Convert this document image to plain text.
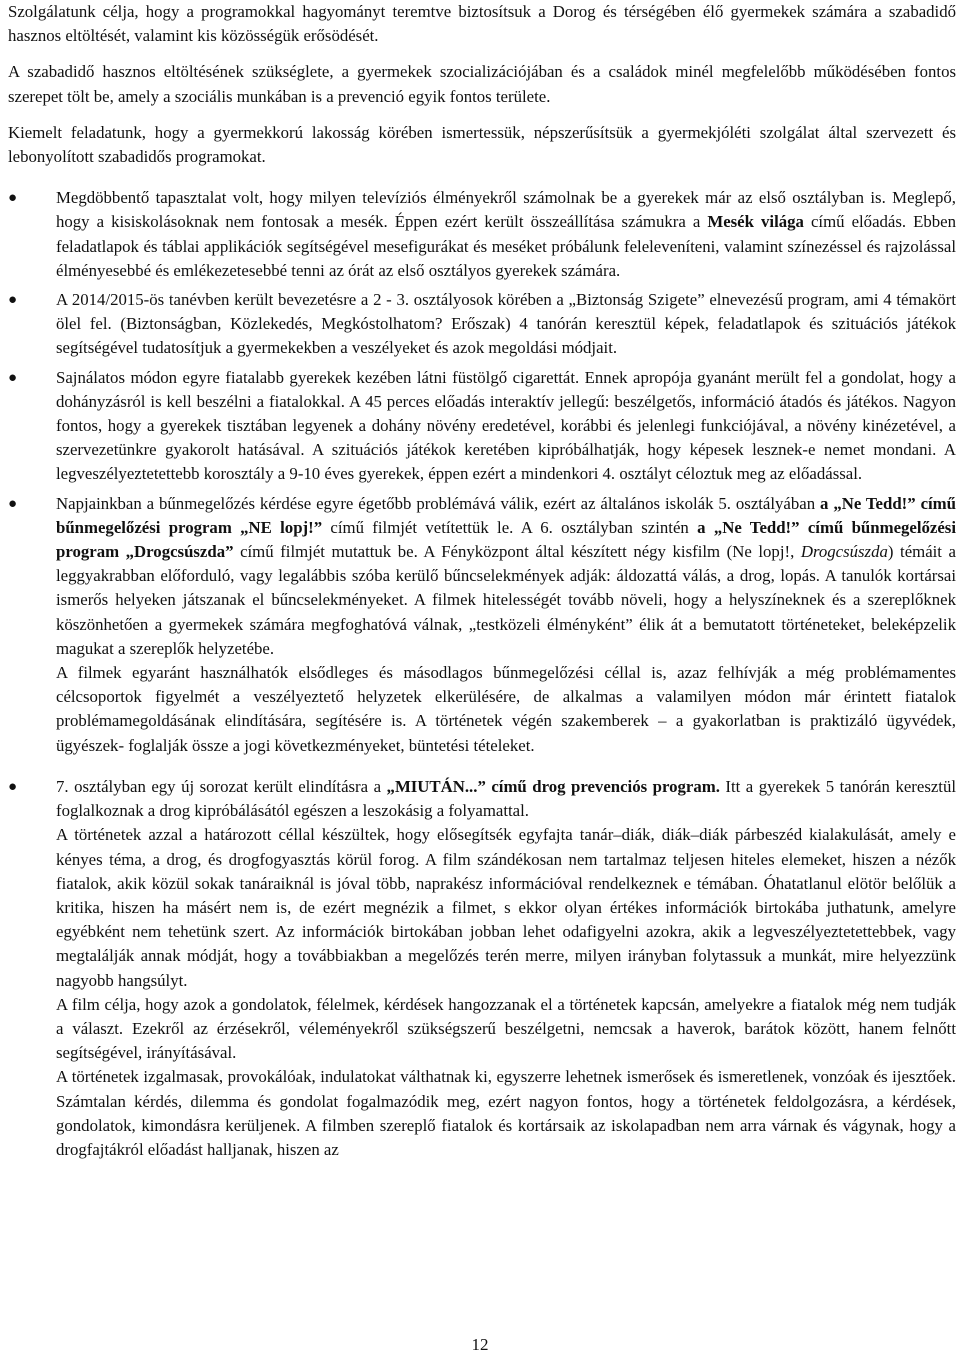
Szolgálatunk célja, hogy a programokkal hagyományt teremtve biztosítsuk a Dorog és térségében élő gyermekek számára a szabadidő hasznos eltöltését, valamint kis közösségük erősödését.

A szabadidő hasznos eltöltésének szükséglete, a gyermekek szocializációjában és a családok minél megfelelőbb működésében fontos szerepet tölt be, amely a szociális munkában is a prevenció egyik fontos területe.

Kiemelt feladatunk, hogy a gyermekkorú lakosság körében ismertessük, népszerűsítsük a gyermekjóléti szolgálat által szervezett és lebonyolított szabadidős programokat.

● Megdöbbentő tapasztalat volt, hogy milyen televíziós élményekről számolnak be a gyerekek már az első osztályban is. Meglepő, hogy a kisiskolásoknak nem fontosak a mesék. Éppen ezért került összeállítása számukra a Mesék világa című előadás. Ebben feladatlapok és táblai applikációk segítségével mesefigurákat és meséket próbálunk feleleveníteni, valamint színezéssel és rajzolással élményesebbé és emlékezetesebbé tenni az órát az első osztályos gyerekek számára.
● A 2014/2015-ös tanévben került bevezetésre a 2 - 3. osztályosok körében a „Biztonság Szigete” elnevezésű program, ami 4 témakört ölel fel. (Biztonságban, Közlekedés, Megkóstolhatom? Erőszak) 4 tanórán keresztül képek, feladatlapok és szituációs játékok segítségével tudatosítjuk a gyermekekben a veszélyeket és azok megoldási módjait.
● Sajnálatos módon egyre fiatalabb gyerekek kezében látni füstölgő cigarettát. Ennek apropója gyanánt merült fel a gondolat, hogy a dohányzásról is kell beszélni a fiatalokkal. A 45 perces előadás interaktív jellegű: beszélgetős, információ átadós és játékos. Nagyon fontos, hogy a gyerekek tisztában legyenek a dohány növény eredetével, korábbi és jelenlegi funkciójával, a növény kinézetével, a szervezetünkre gyakorolt hatásával. A szituációs játékok keretében kipróbálhatják, hogy képesek lesznek-e nemet mondani. A legveszélyeztetettebb korosztály a 9-10 éves gyerekek, éppen ezért a mindenkori 4. osztályt céloztuk meg az előadással.
● Napjainkban a bűnmegelőzés kérdése egyre égetőbb problémává válik, ezért az általános iskolák 5. osztályában a „Ne Tedd!” című bűnmegelőzési program „NE lopj!” című filmjét vetítettük le. A 6. osztályban szintén a „Ne Tedd!” című bűnmegelőzési program „Drogcsúszda” című filmjét mutattuk be. A Fényközpont által készített négy kisfilm (Ne lopj!, Drogcsúszda) témáit a leggyakrabban előforduló, vagy legalábbis szóba kerülő bűncselekmények adják: áldozattá válás, a drog, lopás. A tanulók kortársai ismerős helyeken játszanak el bűncselekményeket. A filmek hitelességét tovább növeli, hogy a helyszíneknek és a szereplőknek köszönhetően a gyermekek számára megfoghatóvá válnak, „testközeli élményként” élik át a bemutatott történeteket, beleképzelik magukat a szereplők helyzetébe.

A filmek egyaránt használhatók elsődleges és másodlagos bűnmegelőzési céllal is, azaz felhívják a még problémamentes célcsoportok figyelmét a veszélyeztető helyzetek elkerülésére, de alkalmas a valamilyen módon már érintett fiatalok problémamegoldásának elindítására, segítésére is. A történetek végén szakemberek – a gyakorlatban is praktizáló ügyvédek, ügyészek- foglalják össze a jogi következményeket, büntetési tételeket.

● 7. osztályban egy új sorozat került elindításra a „MIUTÁN...” című drog prevenciós program. Itt a gyerekek 5 tanórán keresztül foglalkoznak a drog kipróbálásától egészen a leszokásig a folyamattal.

A történetek azzal a határozott céllal készültek, hogy elősegítsék egyfajta tanár–diák, diák–diák párbeszéd kialakulását, amely e kényes téma, a drog, és drogfogyasztás körül forog. A film szándékosan nem tartalmaz teljesen hiteles elemeket, hiszen a nézők fiatalok, akik közül sokak tanáraiknál is jóval több, naprakész információval rendelkeznek e témában. Óhatatlanul elötör belőlük a kritika, hiszen ha másért nem is, de ezért megnézik a filmet, s ekkor olyan értékes információk birtokába juthatunk, amelyre egyébként nem tehetünk szert. Az információk birtokában jobban lehet odafigyelni azokra, akik a legveszélyeztetettebbek, vagy megtalálják annak módját, hogy a továbbiakban a megelőzés terén merre, milyen irányban folytassuk a munkát, mire helyezzünk nagyobb hangsúlyt.

A film célja, hogy azok a gondolatok, félelmek, kérdések hangozzanak el a történetek kapcsán, amelyekre a fiatalok még nem tudják a választ. Ezekről az érzésekről, véleményekről szükségszerű beszélgetni, nemcsak a haverok, barátok között, hanem felnőtt segítségével, irányításával.

A történetek izgalmasak, provokálóak, indulatokat válthatnak ki, egyszerre lehetnek ismerősek és ismeretlenek, vonzóak és ijesztőek. Számtalan kérdés, dilemma és gondolat fogalmazódik meg, ezért nagyon fontos, hogy a történetek feldolgozásra, a kérdések, gondolatok, kimondásra kerüljenek. A filmben szereplő fiatalok és kortársaik az iskolapadban nem arra várnak és vágynak, hogy a drogfajtákról előadást halljanak, hiszen az

12
